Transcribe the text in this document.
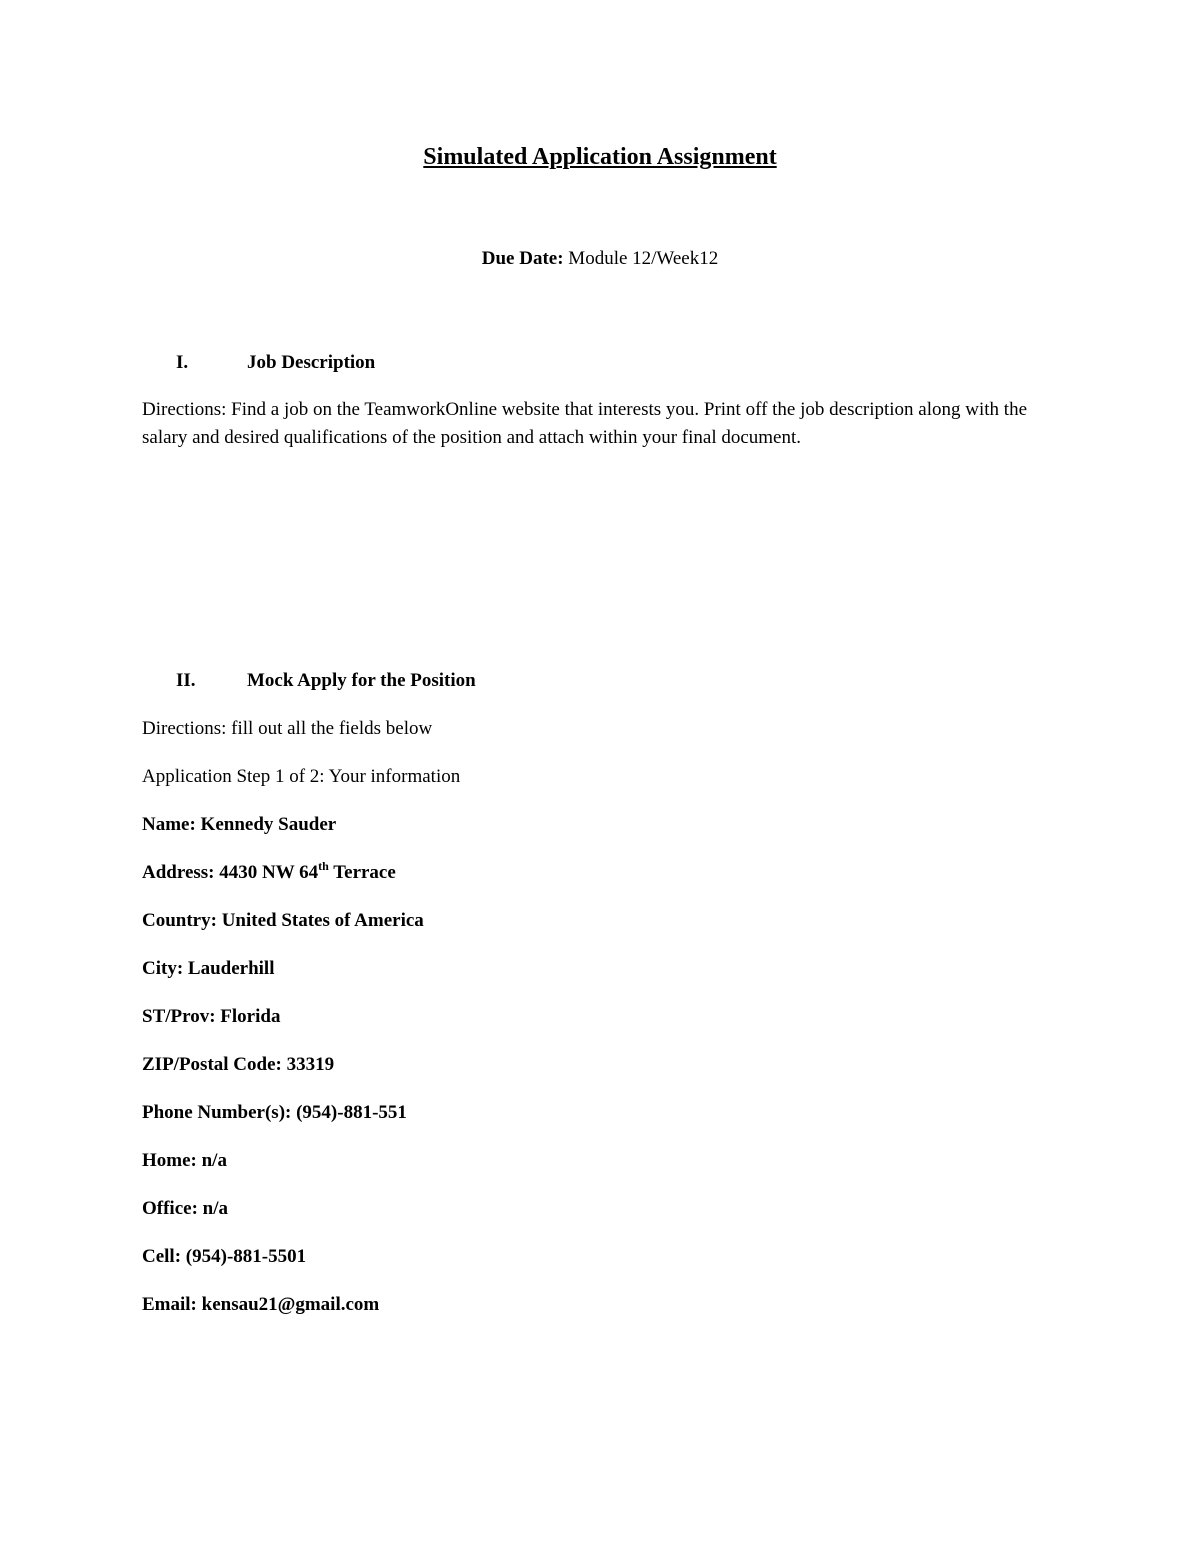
Simulated Application Assignment
Due Date: Module 12/Week12
I.	Job Description
Directions: Find a job on the TeamworkOnline website that interests you. Print off the job description along with the salary and desired qualifications of the position and attach within your final document.
II.	Mock Apply for the Position
Directions: fill out all the fields below
Application Step 1 of 2: Your information
Name: Kennedy Sauder
Address: 4430 NW 64th Terrace
Country: United States of America
City: Lauderhill
ST/Prov: Florida
ZIP/Postal Code: 33319
Phone Number(s): (954)-881-551
Home: n/a
Office: n/a
Cell: (954)-881-5501
Email: kensau21@gmail.com
